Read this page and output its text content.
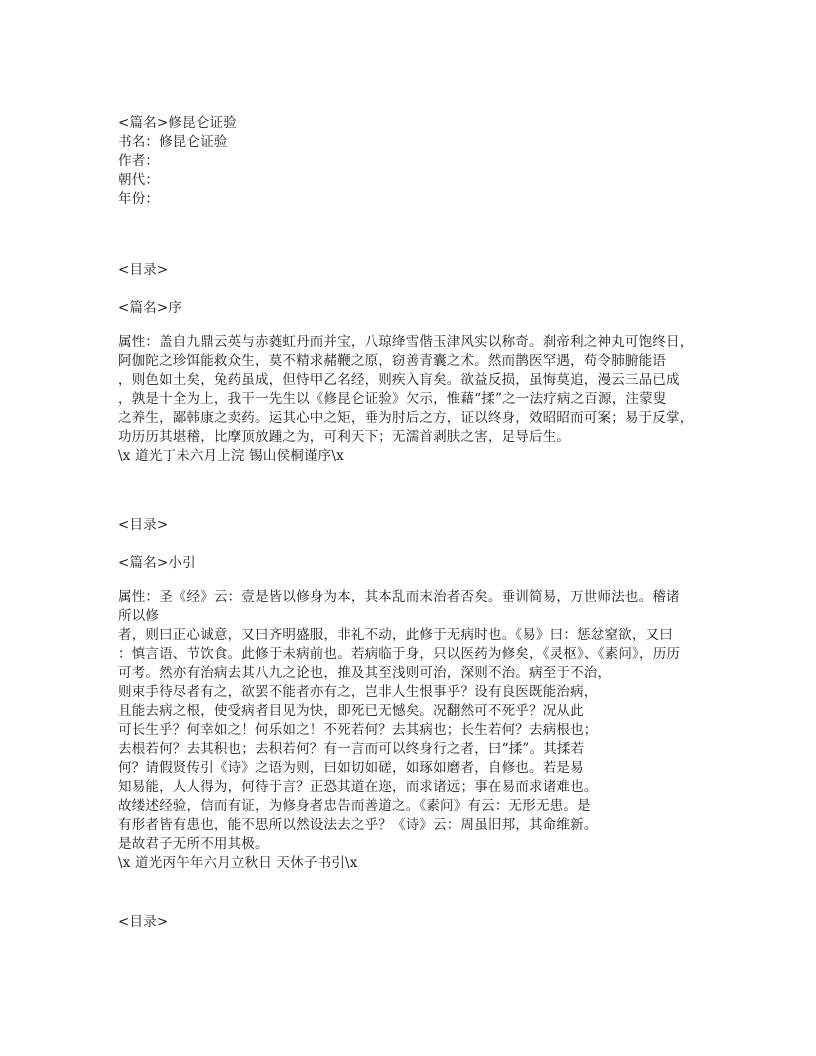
<篇名>修昆仑证验
书名：修昆仑证验
作者：
朝代：
年份：
<目录>
<篇名>序
属性：盖自九鼎云英与赤蕤虹丹而并宝，八琼绛雪偕玉津风实以称奇。刹帝利之神丸可饱终日，
阿伽陀之珍饵能救众生，莫不精求赭鞭之原，窃善青囊之术。然而鹊医罕遇，苟令肺腑能语
，则色如土矣，兔药虽成，但恃甲乙名经，则疾入肓矣。欲益反损，虽悔莫追，漫云三品已成
，孰是十全为上，我干一先生以《修昆仑证验》欠示，惟藉“揉”之一法疗病之百源，注蒙叟
之养生，鄙韩康之卖药。运其心中之矩，垂为肘后之方，证以终身，效昭昭而可案；易于反掌，
功历历其堪稽，比摩顶放踵之为，可利天下；无濡首剥肤之害，足导后生。
\x 道光丁未六月上浣 锡山侯桐谨序\x
<目录>
<篇名>小引
属性：圣《经》云：壹是皆以修身为本，其本乱而末治者否矣。垂训简易，万世师法也。稽诸
所以修
者，则曰正心诚意，又曰齐明盛服，非礼不动，此修于无病时也。《易》曰：惩忿窒欲，又曰
：慎言语、节饮食。此修于未病前也。若病临于身，只以医药为修矣，《灵枢》、《素问》，历历
可考。然亦有治病去其八九之论也，推及其至浅则可治，深则不治。病至于不治，
则束手待尽者有之，欲罢不能者亦有之，岂非人生恨事乎？设有良医既能治病，
且能去病之根，使受病者目见为快，即死已无憾矣。况翻然可不死乎？况从此
可长生乎？何幸如之！何乐如之！不死若何？去其病也；长生若何？去病根也；
去根若何？去其积也；去积若何？有一言而可以终身行之者，曰“揉”。其揉若
何？请假贤传引《诗》之语为则，曰如切如磋，如琢如磨者，自修也。若是易
知易能，人人得为，何待于言？正恐其道在迩，而求诸远；事在易而求诸难也。
故缕述经验，信而有证，为修身者忠告而善道之。《素问》有云：无形无患。是
有形者皆有患也，能不思所以然设法去之乎？《诗》云：周虽旧邦，其命维新。
是故君子无所不用其极。
\x 道光丙午年六月立秋日 天休子书引\x
<目录>
